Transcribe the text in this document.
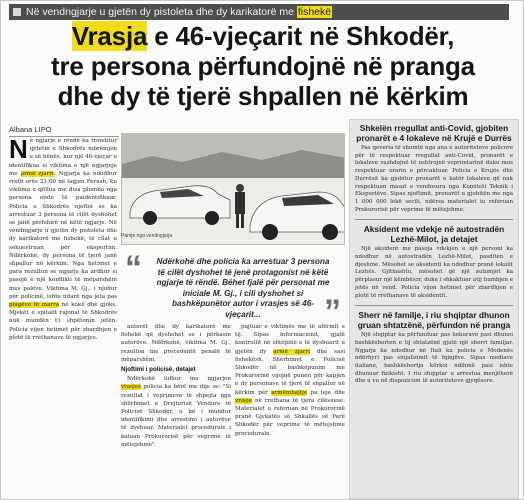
Në vendngjarje u gjetën dy pistoleta dhe dy karikatorë me fishekë
Vrasja e 46-vjeçarit në Shkodër,
tre persona përfundojnë në pranga
dhe dy të tjerë shpallen në kërkim
Albana LIPO

Në ngjarje e rëndë ka tronditur qytetin e Shkodrës mbrëmjen e së hënës, kur një 46-vjeçar u identifikua si viktima e një ngjarjeje me armë zjarri. Ngjarja ka ndodhur rreth orës 21:00 në lagjen Perash, ku viktima u qëllua me disa plumba nga persona ende të paidentifikuar. Policia e Shkodrës njoftoi se ka arrestuar 3 persona të cilët dyshohet se janë përfshirë në këtë ngjarje. Në vendngjarje u gjetën dy pistoleta dhe dy karikatorë me fishekë, të cilat u sekuestruan për ekspertim. Ndërkohë, dy persona të tjerë janë shpallur në kërkim. Nga hetimet e para rezulton se ngjarja ka ardhur si pasojë e një konflikti të mëparshëm mes palëve. Viktima M. Gj., i njohur për policinë, ishte ndarë nga jeta pas plagëve të marra në kokë dhe gjoks. Mjekët e spitalit rajonal të Shkodrës nuk mundën t'i shpëtonin jetën. Policia vijon hetimet për zbardhjen e plotë të rrethanave të ngjarjes.

Pamje nga vendngjarja
“ Ndërkohë dhe policia ka arrestuar 3 persona të cilët dyshohet të jenë protagonist në këtë ngjarje të rëndë. Bëhet fjalë për personat me iniciale M. Gj., i cili dyshohet si bashkëpunëtor autor i vrasjes së 46-vjeçarit... ”

autorët dhe dy karikatorë me fishekë që dyshohet se i përkasin autorëve. Ndërkohë, viktima M. Gj., rezulton me precedentë penalë të mëparshëm.

Njoftimi i policisë, detajet

Ndërkohë lidhur me ngjarjen vrasjes policia ka bërë me dije se: "Si rezultat i veprimeve të shpejta nga shërbimet e Drejtorisë Vendore të Policisë Shkodër, u bë i mundur identifikimi dhe arrestimi i autorëve të dyshuar. Materialet procedurale i kaluan Prokurorisë për veprime të mëtejshme".

pajtuar e viktimës me të afërmit e tij. Sipas informacionit, gjatë kontrollit në shtëpinë e të dyshuarit u gjetën dy armë zjarri dhe sasi fishekësh. Shërbimet e Policisë Shkodër në bashkëpunim me Prokurorinë vijojnë punën për kapjen e dy personave të tjerë të shpallur në kërkim për armëmbajtje pa leje dhe vrasje në rrethana të tjera cilësuese. Materialet u referuan në Prokurorinë pranë Gjykatës së Shkallës së Parë Shkodër për veprime të mëtejshme procedurale.

Shkelën rregullat anti-Covid, gjobiten pronarët e 4 lokaleve në Krujë e Durrës

Pas qeveria të shumtë nga ana e autoriteteve policore për të respektuar rregullat anti-Covid, pronarët e lokaleve vazhdojnë të ushtrojnë veprimtarinë duke mos respektuar orarin e përcaktuar. Policia e Krujës dhe Durrësit ka gjobitur pronarët e katër lokaleve që nuk respektuan masat e vendosura nga Komiteti Teknik i Ekspertëve. Sipas njoftimit, pronarët u gjobitën me nga 1 000 000 lekë secili, ndërsa materialet iu referuan Prokurorisë për veprime të mëtejshme.

Aksident me vdekje në autostradën Lezhë-Milot, ja detajet

Një aksident me pasoja vdekjen e një personi ka ndodhur në autostradën Lezhë-Milot, pasditen e djeshme. Mësohet se aksidenti ka ndodhur pranë lokalit Lezhës. Gjithashtu, mësohet që një automjet ka përplasur një këmbësor, duke i shkaktuar atij humbjen e jetës në vend. Policia vijon hetimet për zbardhjen e plotë të rrethanave të aksidentit.

Sherr në familje, i riu shqiptar dhunon gruan shtatzënë, përfundon në pranga

Një shqiptar ka përfunduar pas hekurave pasi dhunoi bashkëshorten e tij shtatzënë gjatë një sherri familjar. Ngjarja ka ndodhur në Itali ku policia e Modenës ndërhyri pas sinjalizimit të fqinjëve. Sipas mediave italiane, bashkëshortja kërkoi ndihmë pasi ishte dhunuar fizikisht. I riu shqiptar u arrestua menjëherë dhe u vu në dispozicion të autoriteteve gjyqësore.
